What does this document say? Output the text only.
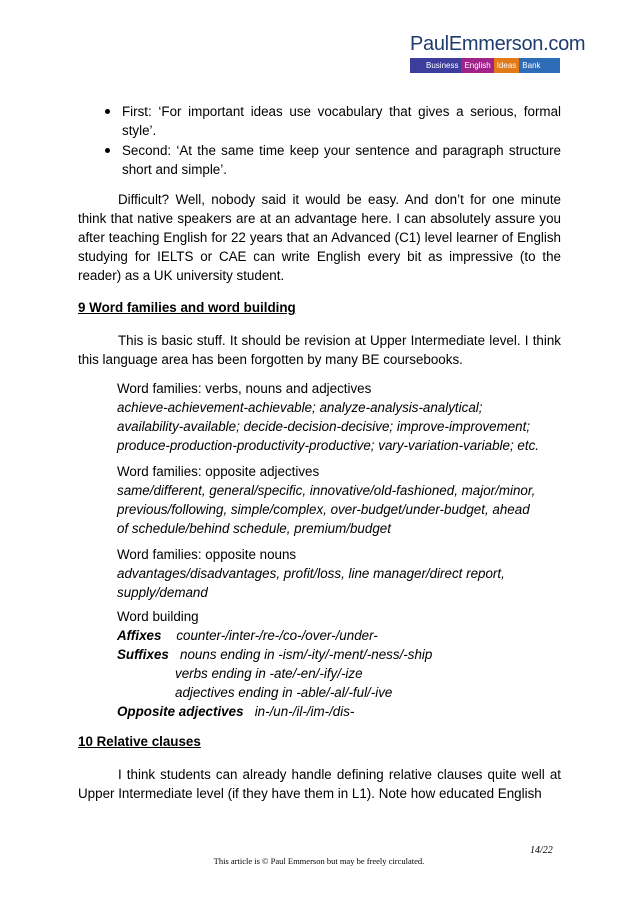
PaulEmmerson.com
Business English Ideas Bank
First: ‘For important ideas use vocabulary that gives a serious, formal style’.
Second: ‘At the same time keep your sentence and paragraph structure short and simple’.

Difficult? Well, nobody said it would be easy. And don’t for one minute think that native speakers are at an advantage here. I can absolutely assure you after teaching English for 22 years that an Advanced (C1) level learner of English studying for IELTS or CAE can write English every bit as impressive (to the reader) as a UK university student.

9 Word families and word building

This is basic stuff. It should be revision at Upper Intermediate level. I think this language area has been forgotten by many BE coursebooks.

Word families: verbs, nouns and adjectives
achieve-achievement-achievable; analyze-analysis-analytical;
availability-available; decide-decision-decisive; improve-improvement;
produce-production-productivity-productive; vary-variation-variable; etc.
Word families: opposite adjectives
same/different, general/specific, innovative/old-fashioned, major/minor,
previous/following, simple/complex, over-budget/under-budget, ahead
of schedule/behind schedule, premium/budget
Word families: opposite nouns
advantages/disadvantages, profit/loss, line manager/direct report,
supply/demand
Word building
Affixes counter-/inter-/re-/co-/over-/under-
Suffixes nouns ending in -ism/-ity/-ment/-ness/-ship
verbs ending in -ate/-en/-ify/-ize
adjectives ending in -able/-al/-ful/-ive
Opposite adjectives in-/un-/il-/im-/dis-
10 Relative clauses

I think students can already handle defining relative clauses quite well at Upper Intermediate level (if they have them in L1). Note how educated English

14/22
This article is © Paul Emmerson but may be freely circulated.
